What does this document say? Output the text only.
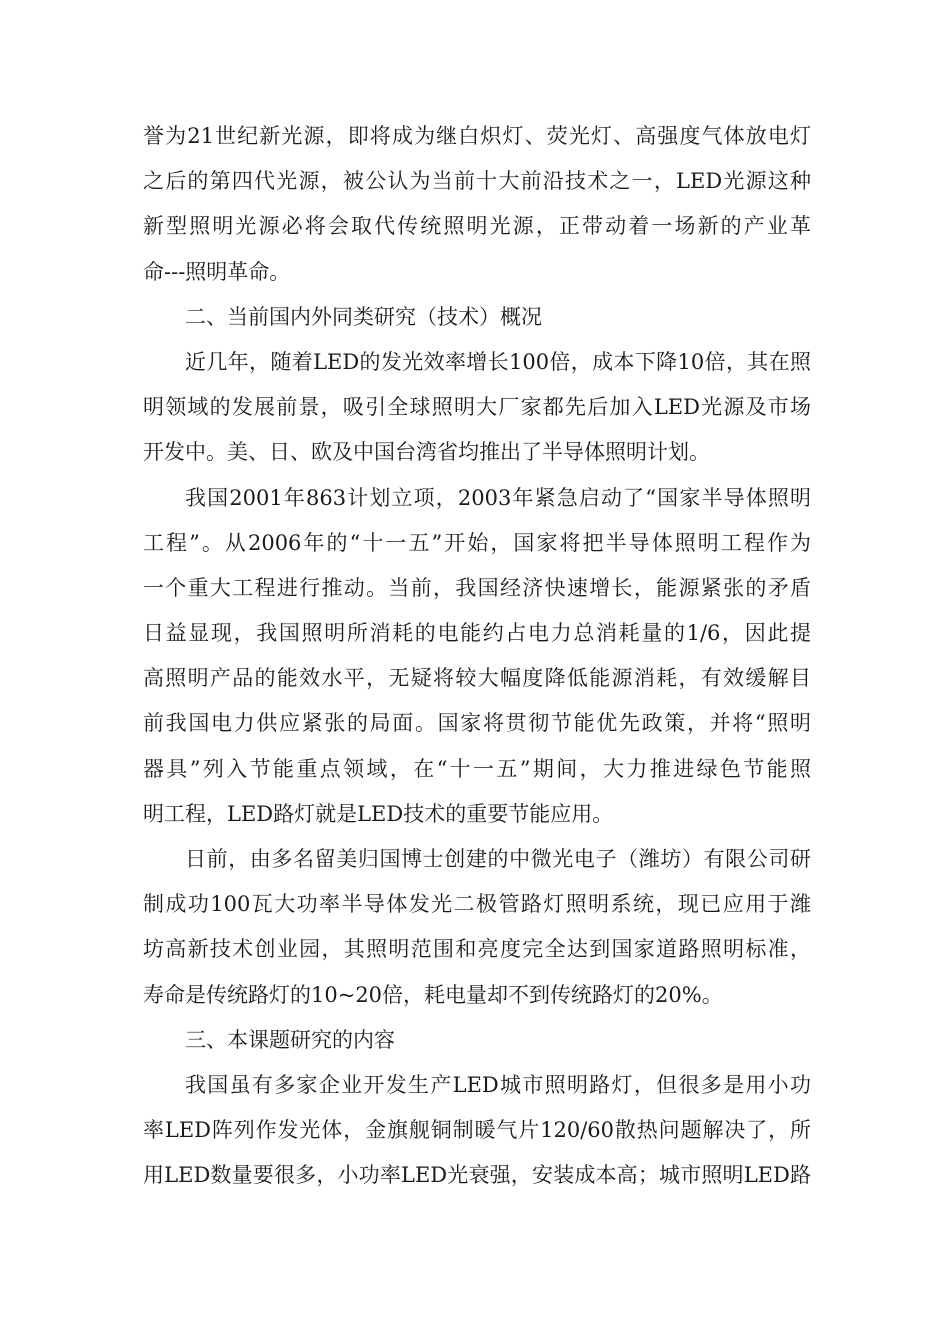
誉为21世纪新光源，即将成为继白炽灯、荧光灯、高强度气体放电灯
之后的第四代光源，被公认为当前十大前沿技术之一，LED光源这种
新型照明光源必将会取代传统照明光源，正带动着一场新的产业革
命---照明革命。
二、当前国内外同类研究（技术）概况
近几年，随着LED的发光效率增长100倍，成本下降10倍，其在照
明领域的发展前景，吸引全球照明大厂家都先后加入LED光源及市场
开发中。美、日、欧及中国台湾省均推出了半导体照明计划。
我国2001年863计划立项，2003年紧急启动了“国家半导体照明
工程”。从2006年的“十一五”开始，国家将把半导体照明工程作为
一个重大工程进行推动。当前，我国经济快速增长，能源紧张的矛盾
日益显现，我国照明所消耗的电能约占电力总消耗量的1/6，因此提
高照明产品的能效水平，无疑将较大幅度降低能源消耗，有效缓解目
前我国电力供应紧张的局面。国家将贯彻节能优先政策，并将“照明
器具”列入节能重点领域，在“十一五”期间，大力推进绿色节能照
明工程，LED路灯就是LED技术的重要节能应用。
日前，由多名留美归国博士创建的中微光电子（潍坊）有限公司研
制成功100瓦大功率半导体发光二极管路灯照明系统，现已应用于潍
坊高新技术创业园，其照明范围和亮度完全达到国家道路照明标准，
寿命是传统路灯的10~20倍，耗电量却不到传统路灯的20%。
三、本课题研究的内容
我国虽有多家企业开发生产LED城市照明路灯，但很多是用小功
率LED阵列作发光体，金旗舰铜制暖气片120/60散热问题解决了，所
用LED数量要很多，小功率LED光衰强，安装成本高；城市照明LED路
